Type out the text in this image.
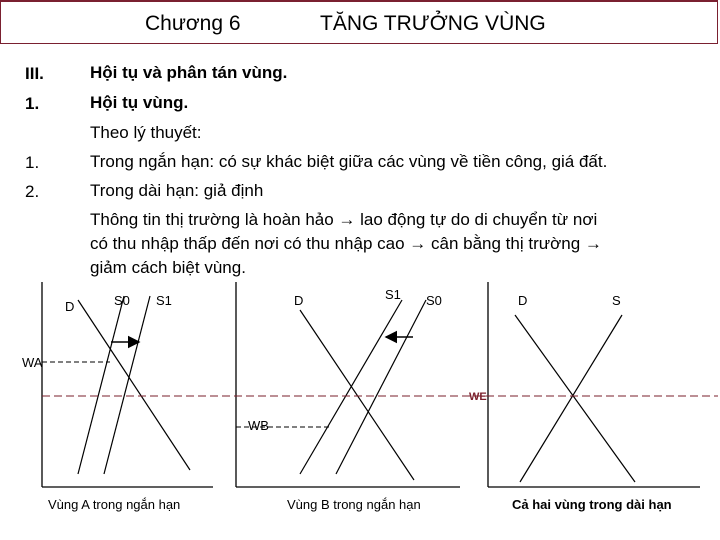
Chương 6	TĂNG TRƯỞNG VÙNG
III.	Hội tụ và phân tán vùng.
1.	Hội tụ vùng.
Theo lý thuyết:
1.	Trong ngắn hạn: có sự khác biệt giữa các vùng về tiền công, giá đất.
2.	Trong dài hạn: giả định
Thông tin thị trường là hoàn hảo → lao động tự do di chuyển từ nơi
có thu nhập thấp đến nơi có thu nhập cao → cân bằng thị trường →
giảm cách biệt vùng.
D	S0 S1
WA
Vùng A trong ngắn hạn
D	S1 S0
WB
Vùng B trong ngắn hạn
D	S
WE
Cả hai vùng trong dài hạn
